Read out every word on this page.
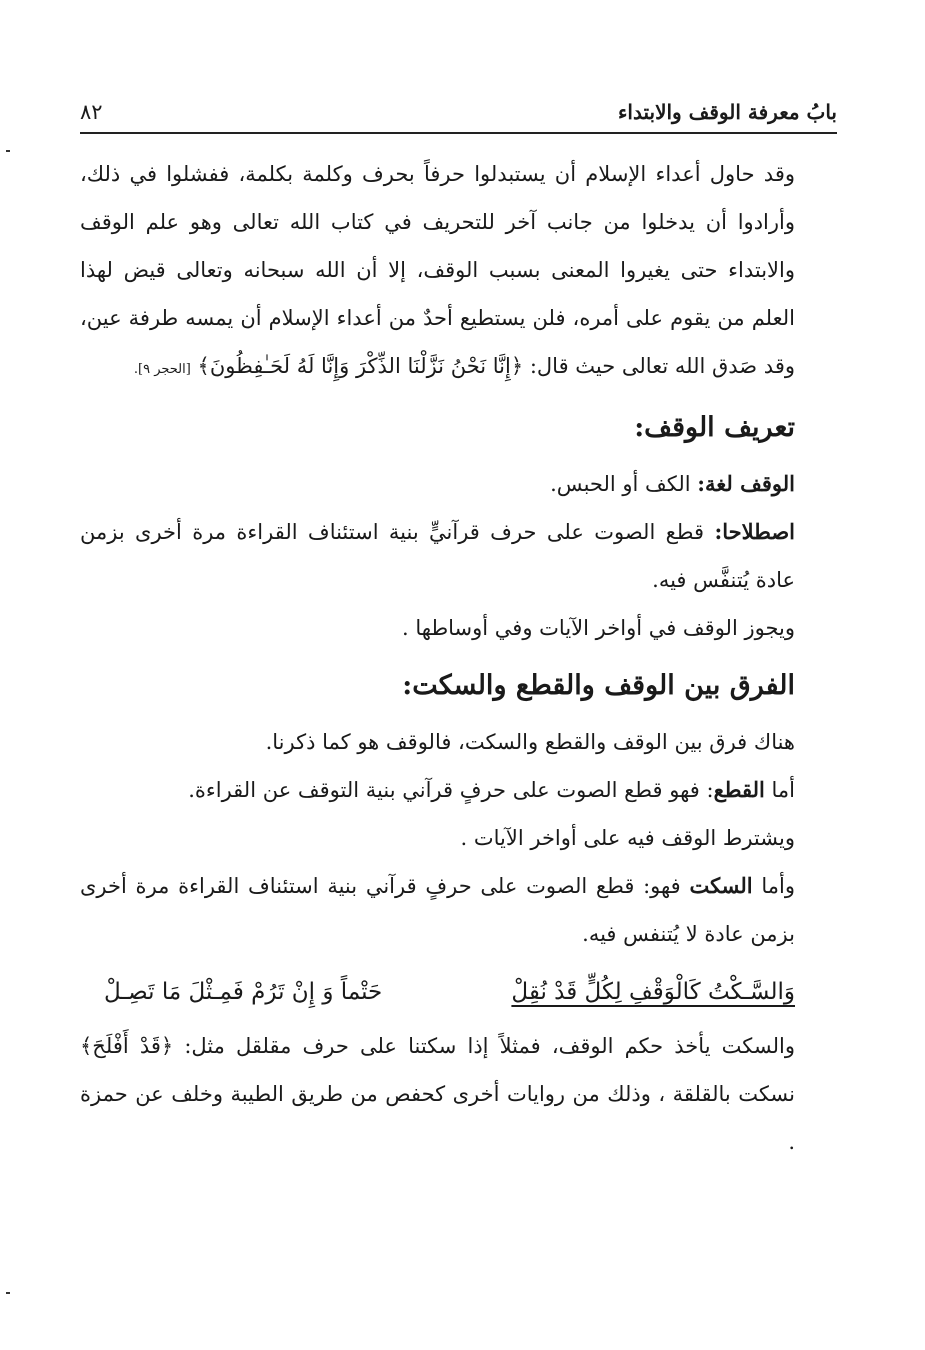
بابُ معرفة الوقف والابتداء
٨٢

وقد حاول أعداء الإسلام أن يستبدلوا حرفاً بحرف وكلمة بكلمة، ففشلوا في ذلك، وأرادوا أن يدخلوا من جانب آخر للتحريف في كتاب الله تعالى وهو علم الوقف والابتداء حتى يغيروا المعنى بسبب الوقف، إلا أن الله سبحانه وتعالى قيض لهذا العلم من يقوم على أمره، فلن يستطيع أحدٌ من أعداء الإسلام أن يمسه طرفة عين، وقد صَدق الله تعالى حيث قال: ﴿إِنَّا نَحْنُ نَزَّلْنَا الذِّكْرَ وَإِنَّا لَهُ لَحَـٰفِظُونَ﴾ [الحجر ٩].

تعريف الوقف:

الوقف لغة: الكف أو الحبس.

اصطلاحا: قطع الصوت على حرف قرآنيٍّ بنية استئناف القراءة مرة أخرى بزمن عادة يُتنفَّس فيه.

ويجوز الوقف في أواخر الآيات وفي أوساطها .

الفرق بين الوقف والقطع والسكت:

هناك فرق بين الوقف والقطع والسكت، فالوقف هو كما ذكرنا.

أما القطع: فهو قطع الصوت على حرفٍ قرآني بنية التوقف عن القراءة.

ويشترط الوقف فيه على أواخر الآيات .

وأما السكت فهو: قطع الصوت على حرفٍ قرآني بنية استئناف القراءة مرة أخرى بزمن عادة لا يُتنفس فيه.

وَالسَّـكْتُ كَالْوَقْفِ لِكُلٍّ قَدْ نُقِلْ
حَتْماً وَ إِنْ تَرُمْ فَمِـثْلَ مَا تَصِـلْ

والسكت يأخذ حكم الوقف، فمثلاً إذا سكتنا على حرف مقلقل مثل: ﴿قَدْ أَفْلَحَ﴾ نسكت بالقلقة ، وذلك من روايات أخرى كحفص من طريق الطيبة وخلف عن حمزة .
